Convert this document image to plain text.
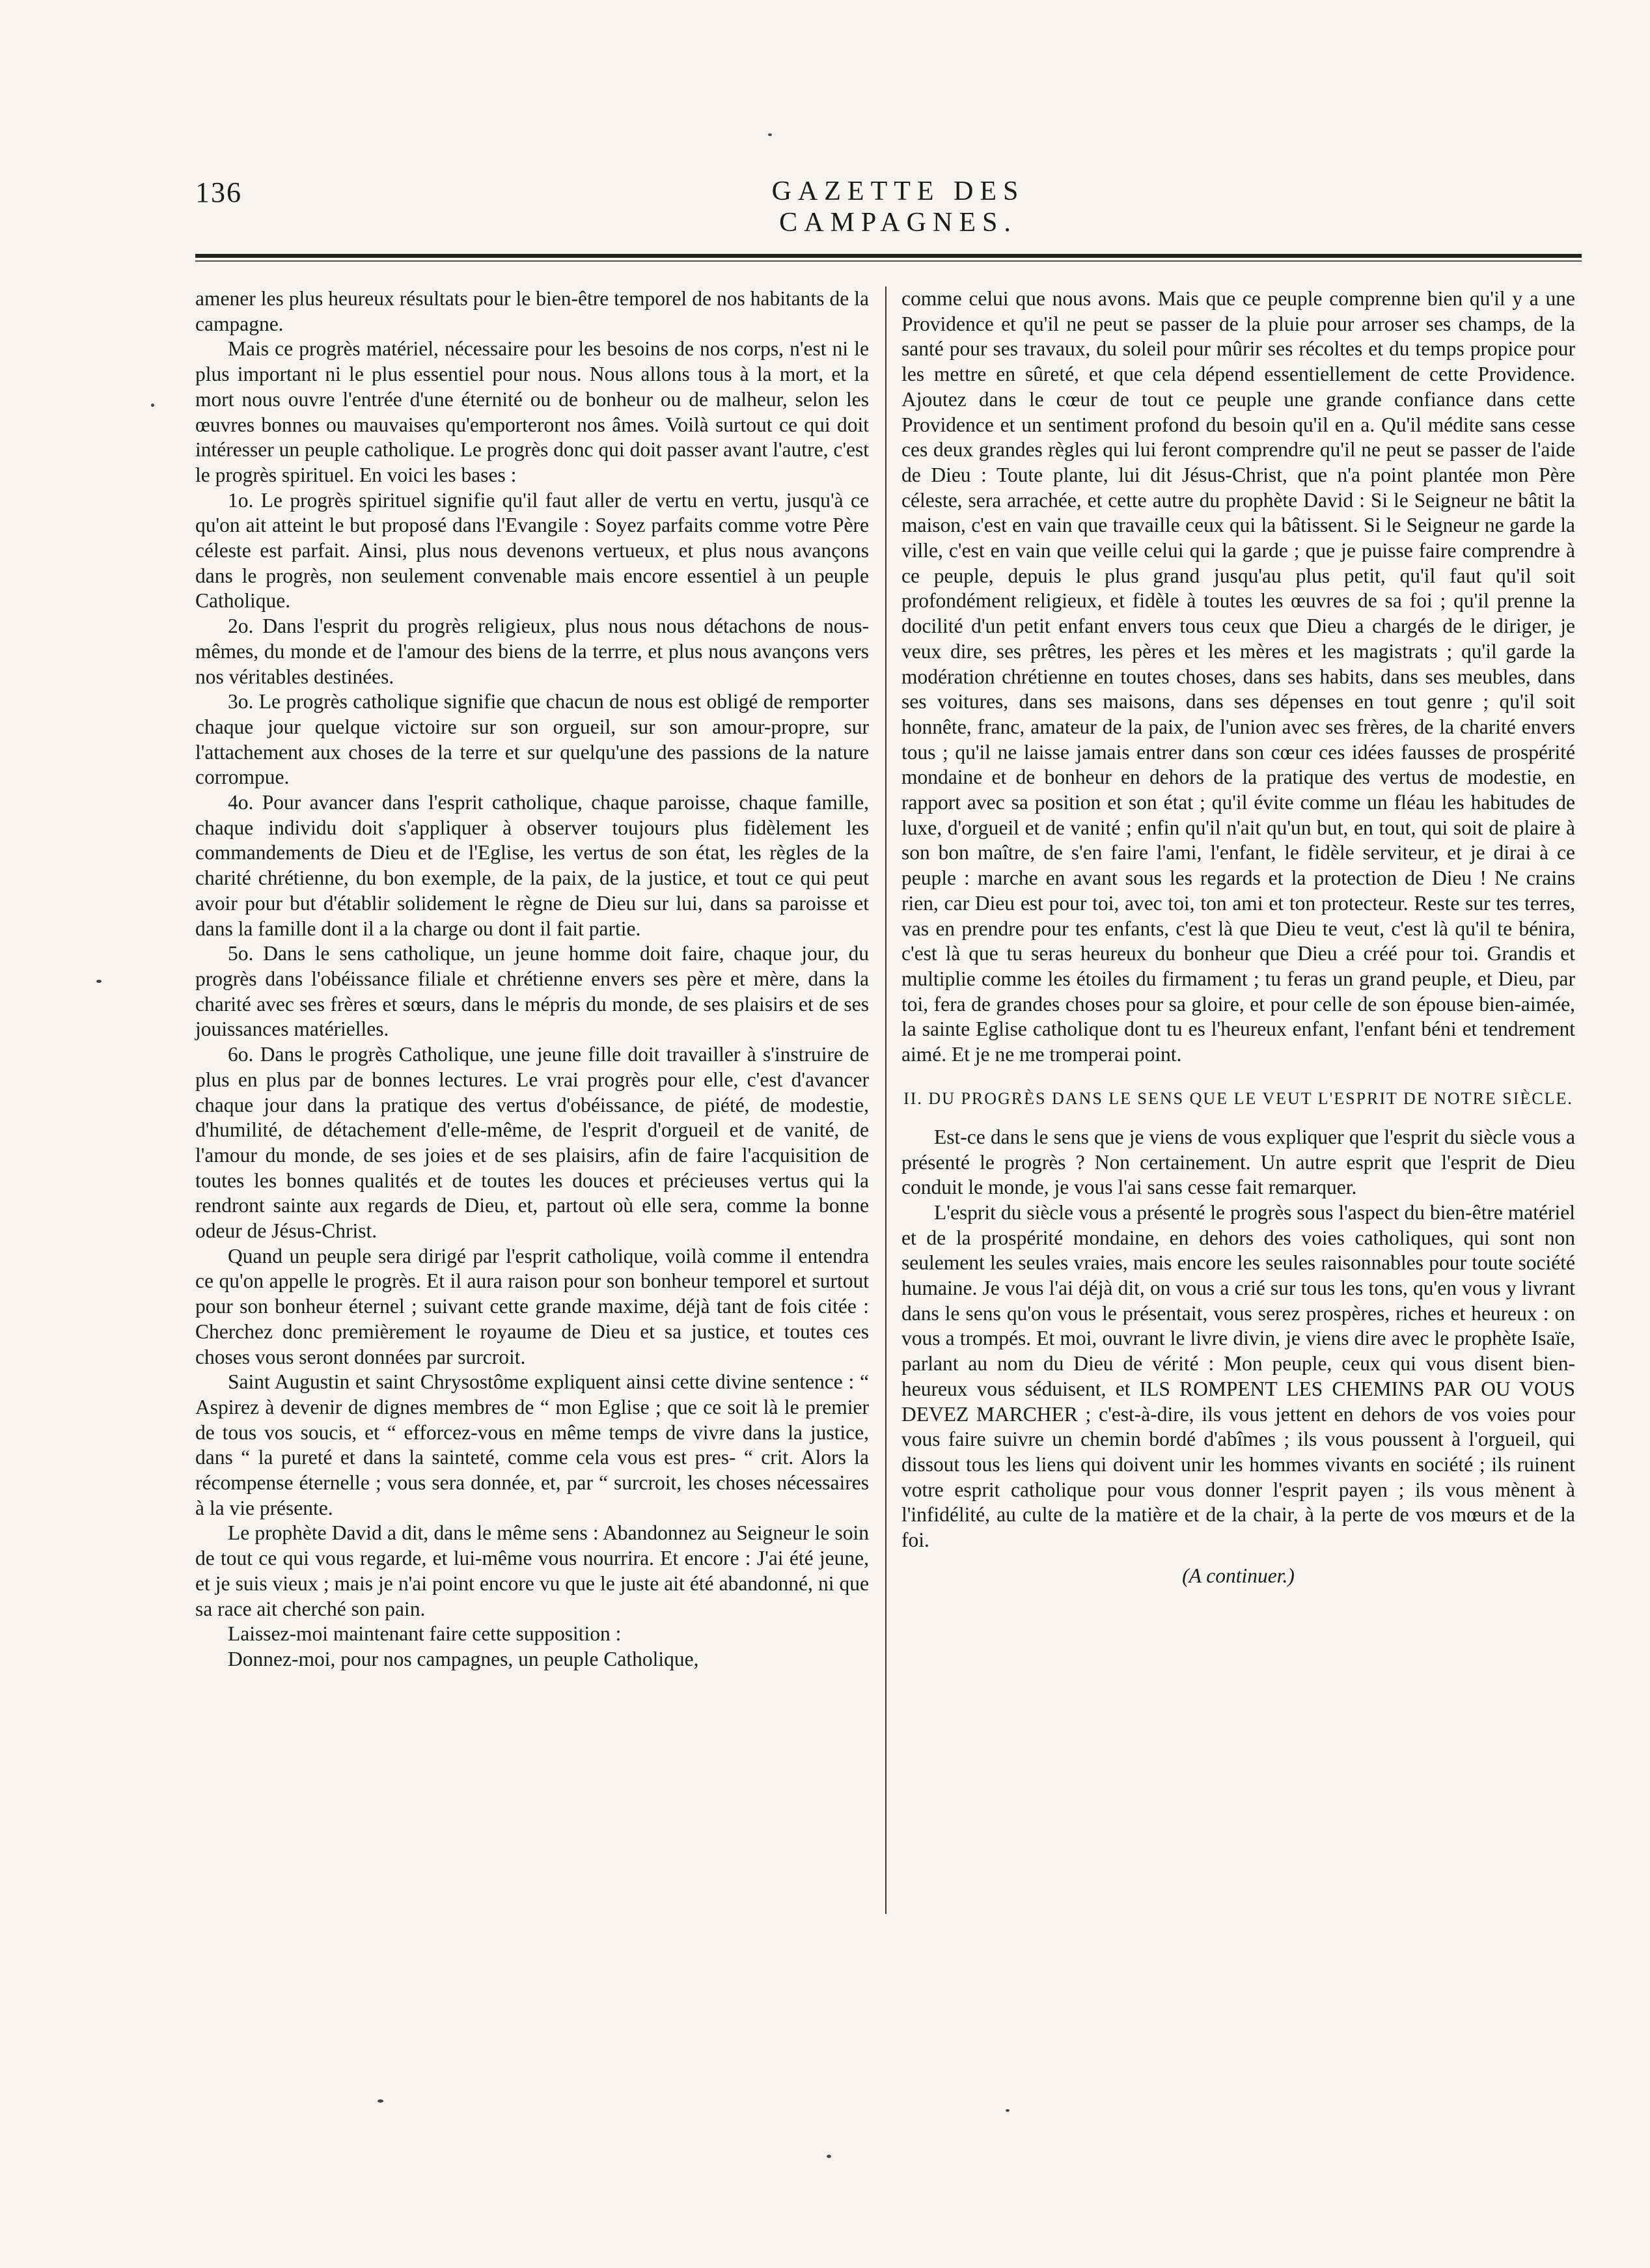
136	GAZETTE DES CAMPAGNES.

amener les plus heureux résultats pour le bien-être temporel de nos habitants de la campagne.

Mais ce progrès matériel, nécessaire pour les besoins de nos corps, n'est ni le plus important ni le plus essentiel pour nous. Nous allons tous à la mort, et la mort nous ouvre l'entrée d'une éternité ou de bonheur ou de malheur, selon les œuvres bonnes ou mauvaises qu'emporteront nos âmes. Voilà surtout ce qui doit intéresser un peuple catholique. Le progrès donc qui doit passer avant l'autre, c'est le progrès spirituel. En voici les bases :

1o. Le progrès spirituel signifie qu'il faut aller de vertu en vertu, jusqu'à ce qu'on ait atteint le but proposé dans l'Evangile : Soyez parfaits comme votre Père céleste est parfait. Ainsi, plus nous devenons vertueux, et plus nous avançons dans le progrès, non seulement convenable mais encore essentiel à un peuple Catholique.

2o. Dans l'esprit du progrès religieux, plus nous nous détachons de nous-mêmes, du monde et de l'amour des biens de la terrre, et plus nous avançons vers nos véritables destinées.

3o. Le progrès catholique signifie que chacun de nous est obligé de remporter chaque jour quelque victoire sur son orgueil, sur son amour-propre, sur l'attachement aux choses de la terre et sur quelqu'une des passions de la nature corrompue.

4o. Pour avancer dans l'esprit catholique, chaque paroisse, chaque famille, chaque individu doit s'appliquer à observer toujours plus fidèlement les commandements de Dieu et de l'Eglise, les vertus de son état, les règles de la charité chrétienne, du bon exemple, de la paix, de la justice, et tout ce qui peut avoir pour but d'établir solidement le règne de Dieu sur lui, dans sa paroisse et dans la famille dont il a la charge ou dont il fait partie.

5o. Dans le sens catholique, un jeune homme doit faire, chaque jour, du progrès dans l'obéissance filiale et chrétienne envers ses père et mère, dans la charité avec ses frères et sœurs, dans le mépris du monde, de ses plaisirs et de ses jouissances matérielles.

6o. Dans le progrès Catholique, une jeune fille doit travailler à s'instruire de plus en plus par de bonnes lectures. Le vrai progrès pour elle, c'est d'avancer chaque jour dans la pratique des vertus d'obéissance, de piété, de modestie, d'humilité, de détachement d'elle-même, de l'esprit d'orgueil et de vanité, de l'amour du monde, de ses joies et de ses plaisirs, afin de faire l'acquisition de toutes les bonnes qualités et de toutes les douces et précieuses vertus qui la rendront sainte aux regards de Dieu, et, partout où elle sera, comme la bonne odeur de Jésus-Christ.

Quand un peuple sera dirigé par l'esprit catholique, voilà comme il entendra ce qu'on appelle le progrès. Et il aura raison pour son bonheur temporel et surtout pour son bonheur éternel ; suivant cette grande maxime, déjà tant de fois citée : Cherchez donc premièrement le royaume de Dieu et sa justice, et toutes ces choses vous seront données par surcroit.

Saint Augustin et saint Chrysostôme expliquent ainsi cette divine sentence : “ Aspirez à devenir de dignes membres de “ mon Eglise ; que ce soit là le premier de tous vos soucis, et “ efforcez-vous en même temps de vivre dans la justice, dans “ la pureté et dans la sainteté, comme cela vous est pres- “ crit. Alors la récompense éternelle ; vous sera donnée, et, par “ surcroit, les choses nécessaires à la vie présente.

Le prophète David a dit, dans le même sens : Abandonnez au Seigneur le soin de tout ce qui vous regarde, et lui-même vous nourrira. Et encore : J'ai été jeune, et je suis vieux ; mais je n'ai point encore vu que le juste ait été abandonné, ni que sa race ait cherché son pain.

Laissez-moi maintenant faire cette supposition :

Donnez-moi, pour nos campagnes, un peuple Catholique,

comme celui que nous avons. Mais que ce peuple comprenne bien qu'il y a une Providence et qu'il ne peut se passer de la pluie pour arroser ses champs, de la santé pour ses travaux, du soleil pour mûrir ses récoltes et du temps propice pour les mettre en sûreté, et que cela dépend essentiellement de cette Providence. Ajoutez dans le cœur de tout ce peuple une grande confiance dans cette Providence et un sentiment profond du besoin qu'il en a. Qu'il médite sans cesse ces deux grandes règles qui lui feront comprendre qu'il ne peut se passer de l'aide de Dieu : Toute plante, lui dit Jésus-Christ, que n'a point plantée mon Père céleste, sera arrachée, et cette autre du prophète David : Si le Seigneur ne bâtit la maison, c'est en vain que travaille ceux qui la bâtissent. Si le Seigneur ne garde la ville, c'est en vain que veille celui qui la garde ; que je puisse faire comprendre à ce peuple, depuis le plus grand jusqu'au plus petit, qu'il faut qu'il soit profondément religieux, et fidèle à toutes les œuvres de sa foi ; qu'il prenne la docilité d'un petit enfant envers tous ceux que Dieu a chargés de le diriger, je veux dire, ses prêtres, les pères et les mères et les magistrats ; qu'il garde la modération chrétienne en toutes choses, dans ses habits, dans ses meubles, dans ses voitures, dans ses maisons, dans ses dépenses en tout genre ; qu'il soit honnête, franc, amateur de la paix, de l'union avec ses frères, de la charité envers tous ; qu'il ne laisse jamais entrer dans son cœur ces idées fausses de prospérité mondaine et de bonheur en dehors de la pratique des vertus de modestie, en rapport avec sa position et son état ; qu'il évite comme un fléau les habitudes de luxe, d'orgueil et de vanité ; enfin qu'il n'ait qu'un but, en tout, qui soit de plaire à son bon maître, de s'en faire l'ami, l'enfant, le fidèle serviteur, et je dirai à ce peuple : marche en avant sous les regards et la protection de Dieu ! Ne crains rien, car Dieu est pour toi, avec toi, ton ami et ton protecteur. Reste sur tes terres, vas en prendre pour tes enfants, c'est là que Dieu te veut, c'est là qu'il te bénira, c'est là que tu seras heureux du bonheur que Dieu a créé pour toi. Grandis et multiplie comme les étoiles du firmament ; tu feras un grand peuple, et Dieu, par toi, fera de grandes choses pour sa gloire, et pour celle de son épouse bien-aimée, la sainte Eglise catholique dont tu es l'heureux enfant, l'enfant béni et tendrement aimé. Et je ne me tromperai point.

II. DU PROGRÈS DANS LE SENS QUE LE VEUT L'ESPRIT DE NOTRE SIÈCLE.

Est-ce dans le sens que je viens de vous expliquer que l'esprit du siècle vous a présenté le progrès ? Non certainement. Un autre esprit que l'esprit de Dieu conduit le monde, je vous l'ai sans cesse fait remarquer.

L'esprit du siècle vous a présenté le progrès sous l'aspect du bien-être matériel et de la prospérité mondaine, en dehors des voies catholiques, qui sont non seulement les seules vraies, mais encore les seules raisonnables pour toute société humaine. Je vous l'ai déjà dit, on vous a crié sur tous les tons, qu'en vous y livrant dans le sens qu'on vous le présentait, vous serez prospères, riches et heureux : on vous a trompés. Et moi, ouvrant le livre divin, je viens dire avec le prophète Isaïe, parlant au nom du Dieu de vérité : Mon peuple, ceux qui vous disent bien-heureux vous séduisent, et ILS ROMPENT LES CHEMINS PAR OU VOUS DEVEZ MARCHER ; c'est-à-dire, ils vous jettent en dehors de vos voies pour vous faire suivre un chemin bordé d'abîmes ; ils vous poussent à l'orgueil, qui dissout tous les liens qui doivent unir les hommes vivants en société ; ils ruinent votre esprit catholique pour vous donner l'esprit payen ; ils vous mènent à l'infidélité, au culte de la matière et de la chair, à la perte de vos mœurs et de la foi.

(A continuer.)
